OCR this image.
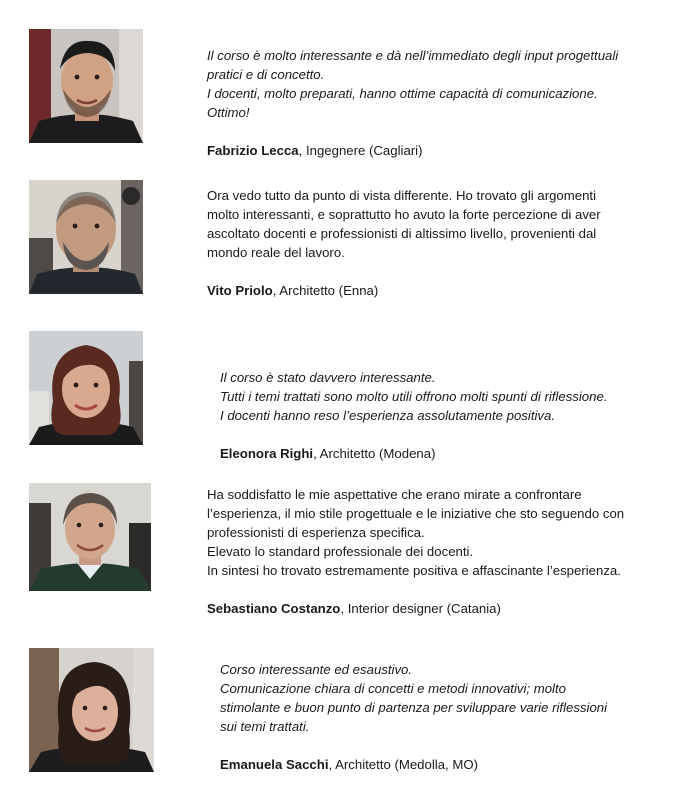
Il corso è molto interessante e dà nell’immediato degli input progettuali

pratici e di concetto.

I docenti, molto preparati, hanno ottime capacità di comunicazione.

Ottimo!

Fabrizio Lecca, Ingegnere (Cagliari)

Ora vedo tutto da punto di vista differente. Ho trovato gli argomenti

molto interessanti, e soprattutto ho avuto la forte percezione di aver

ascoltato docenti e professionisti di altissimo livello, provenienti dal

mondo reale del lavoro.

Vito Priolo, Architetto (Enna)

Il corso è stato davvero interessante.

Tutti i temi trattati sono molto utili offrono molti spunti di riflessione.

I docenti hanno reso l’esperienza assolutamente positiva.

Eleonora Righi, Architetto (Modena)

Ha soddisfatto le mie aspettative che erano mirate a confrontare

l’esperienza, il mio stile progettuale e le iniziative che sto seguendo con

professionisti di esperienza specifica.

Elevato lo standard professionale dei docenti.

In sintesi ho trovato estremamente positiva e affascinante l’esperienza.

Sebastiano Costanzo, Interior designer (Catania)

Corso interessante ed esaustivo.

Comunicazione chiara di concetti e metodi innovativi; molto

stimolante e buon punto di partenza per sviluppare varie riflessioni

sui temi trattati.

Emanuela Sacchi, Architetto (Medolla, MO)
